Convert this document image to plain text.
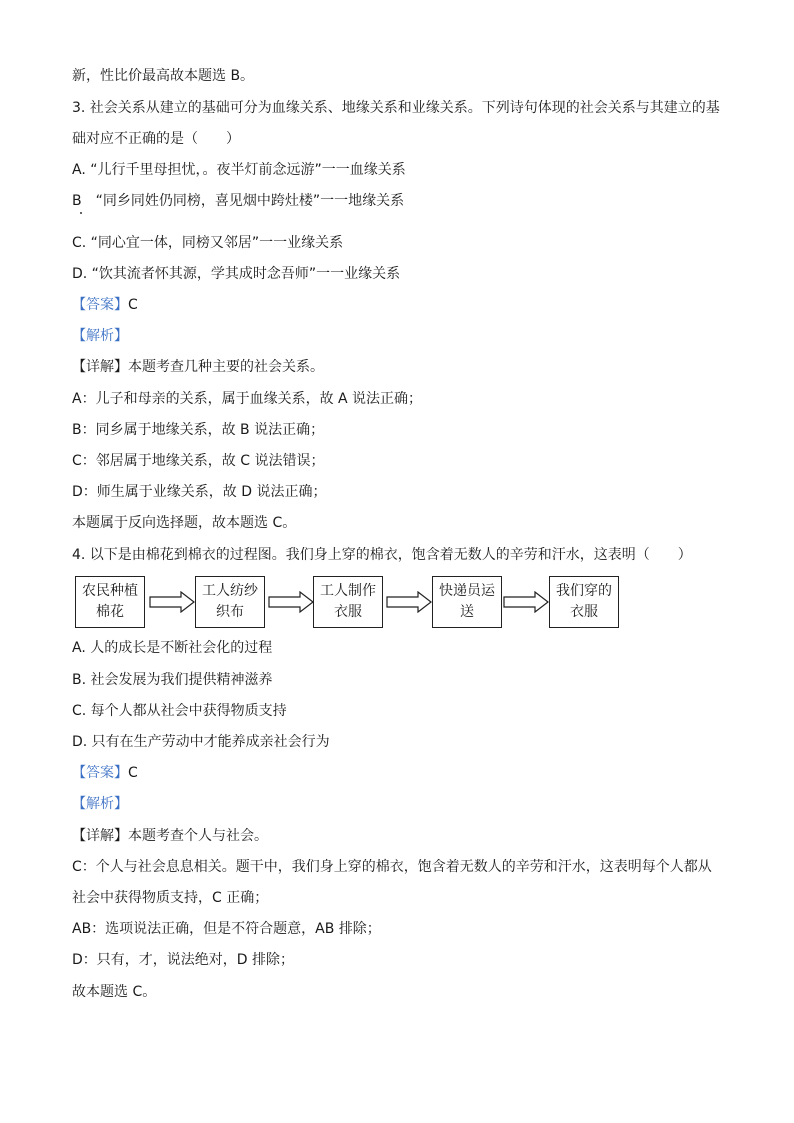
新，性比价最高故本题选 B。
3. 社会关系从建立的基础可分为血缘关系、地缘关系和业缘关系。下列诗句体现的社会关系与其建立的基
础对应不正确的是（　　）
A. “儿行千里母担忧，。夜半灯前念远游”一一血缘关系
B　“同乡同姓仍同榜，喜见烟中跨灶楼”一一地缘关系
C. “同心宜一体，同榜又邻居”一一业缘关系
D. “饮其流者怀其源，学其成时念吾师”一一业缘关系
【答案】C
【解析】
【详解】本题考查几种主要的社会关系。
A：儿子和母亲的关系，属于血缘关系，故 A 说法正确；
B：同乡属于地缘关系，故 B 说法正确；
C：邻居属于地缘关系，故 C 说法错误；
D：师生属于业缘关系，故 D 说法正确；
本题属于反向选择题，故本题选 C。
4. 以下是由棉花到棉衣的过程图。我们身上穿的棉衣，饱含着无数人的辛劳和汗水，这表明（　　）
农民种植棉花
工人纺纱织布
工人制作衣服
快递员运送
我们穿的衣服
A. 人的成长是不断社会化的过程
B. 社会发展为我们提供精神滋养
C. 每个人都从社会中获得物质支持
D. 只有在生产劳动中才能养成亲社会行为
【答案】C
【解析】
【详解】本题考查个人与社会。
C：个人与社会息息相关。题干中，我们身上穿的棉衣，饱含着无数人的辛劳和汗水，这表明每个人都从
社会中获得物质支持，C 正确；
AB：选项说法正确，但是不符合题意，AB 排除；
D：只有，才，说法绝对，D 排除；
故本题选 C。
